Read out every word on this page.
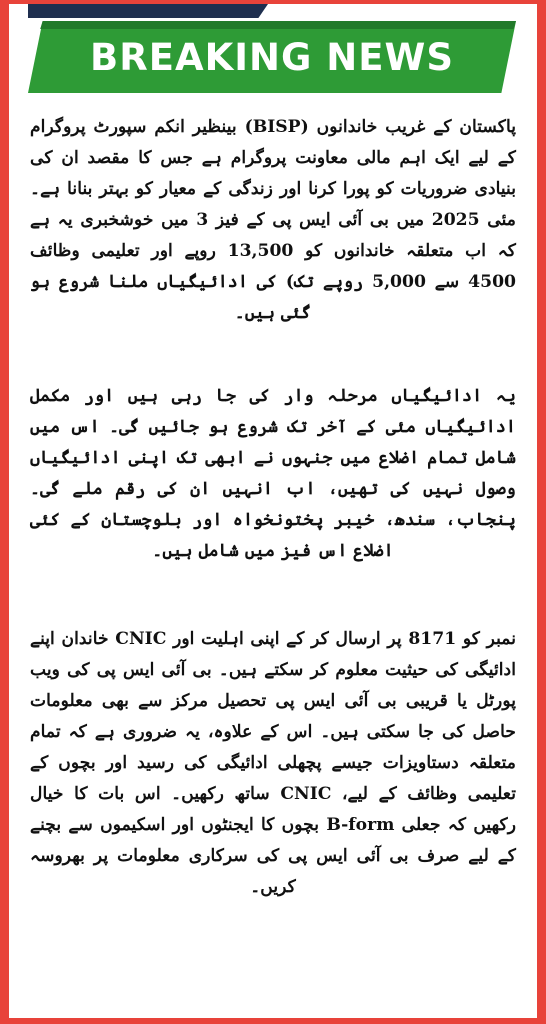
BREAKING NEWS

پاکستان کے غریب خاندانوں (BISP) بینظیر انکم سپورٹ پروگرام کے لیے ایک اہم مالی معاونت پروگرام ہے جس کا مقصد ان کی بنیادی ضروریات کو پورا کرنا اور زندگی کے معیار کو بہتر بنانا ہے۔ مئی 2025 میں بی آئی ایس پی کے فیز 3 میں خوشخبری یہ ہے کہ اب متعلقہ خاندانوں کو 13,500 روپے اور تعلیمی وظائف 4500 سے 5,000 روپے تک) کی ادائیگیاں ملنا شروع ہو گئی ہیں۔

یہ ادائیگیاں مرحلہ وار کی جا رہی ہیں اور مکمل ادائیگیاں مئی کے آخر تک شروع ہو جائیں گی۔ اس میں شامل تمام اضلاع میں جنہوں نے ابھی تک اپنی ادائیگیاں وصول نہیں کی تھیں، اب انہیں ان کی رقم ملے گی۔ پنجاب، سندھ، خیبر پختونخواہ اور بلوچستان کے کئی اضلاع اس فیز میں شامل ہیں۔

نمبر کو 8171 پر ارسال کر کے اپنی اہلیت اور CNIC خاندان اپنے ادائیگی کی حیثیت معلوم کر سکتے ہیں۔ بی آئی ایس پی کی ویب پورٹل یا قریبی بی آئی ایس پی تحصیل مرکز سے بھی معلومات حاصل کی جا سکتی ہیں۔ اس کے علاوہ، یہ ضروری ہے کہ تمام متعلقہ دستاویزات جیسے پچھلی ادائیگی کی رسید اور بچوں کے تعلیمی وظائف کے لیے، CNIC ساتھ رکھیں۔ اس بات کا خیال رکھیں کہ جعلی B-form بچوں کا ایجنٹوں اور اسکیموں سے بچنے کے لیے صرف بی آئی ایس پی کی سرکاری معلومات پر بھروسہ کریں۔
